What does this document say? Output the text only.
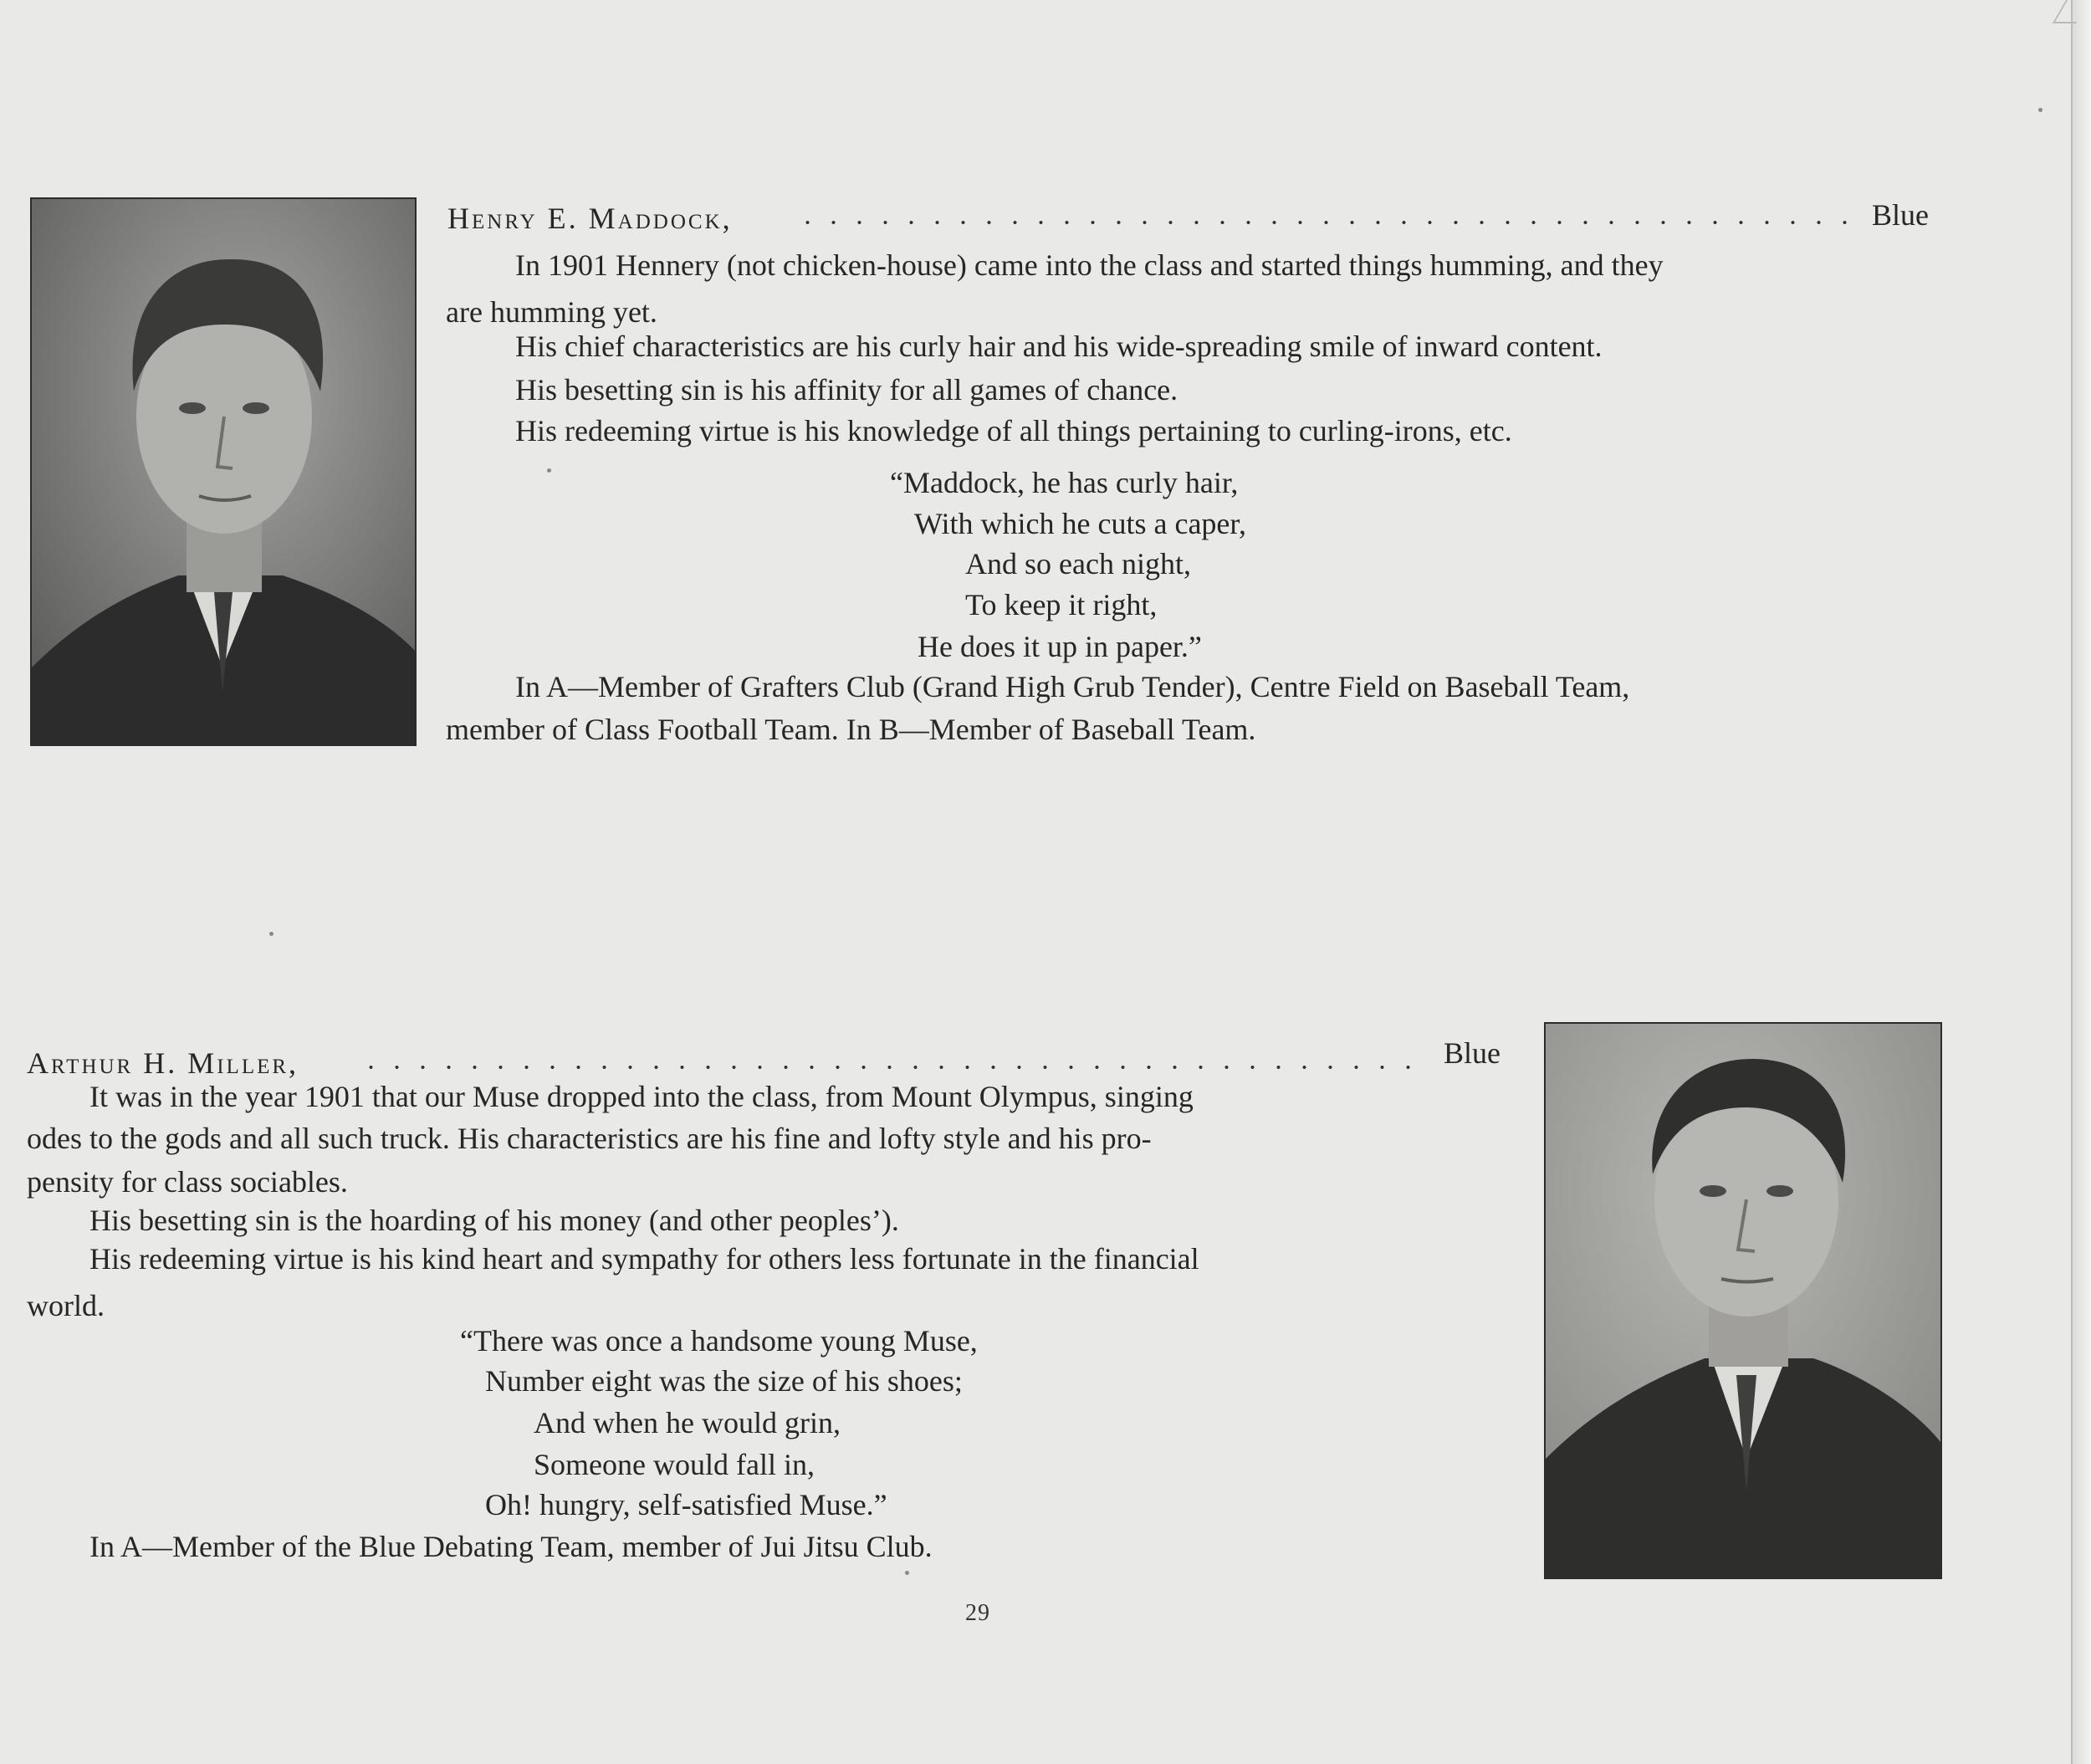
Henry E. Maddock,	Blue
In 1901 Hennery (not chicken-house) came into the class and started things humming, and they
are humming yet.
His chief characteristics are his curly hair and his wide-spreading smile of inward content.
His besetting sin is his affinity for all games of chance.
His redeeming virtue is his knowledge of all things pertaining to curling-irons, etc.
“Maddock, he has curly hair,
With which he cuts a caper,
And so each night,
To keep it right,
He does it up in paper.”
In A—Member of Grafters Club (Grand High Grub Tender), Centre Field on Baseball Team,
member of Class Football Team. In B—Member of Baseball Team.
Arthur H. Miller,	Blue
It was in the year 1901 that our Muse dropped into the class, from Mount Olympus, singing
odes to the gods and all such truck. His characteristics are his fine and lofty style and his pro-
pensity for class sociables.
His besetting sin is the hoarding of his money (and other peoples’).
His redeeming virtue is his kind heart and sympathy for others less fortunate in the financial
world.
“There was once a handsome young Muse,
Number eight was the size of his shoes;
And when he would grin,
Someone would fall in,
Oh! hungry, self-satisfied Muse.”
In A—Member of the Blue Debating Team, member of Jui Jitsu Club.
29
